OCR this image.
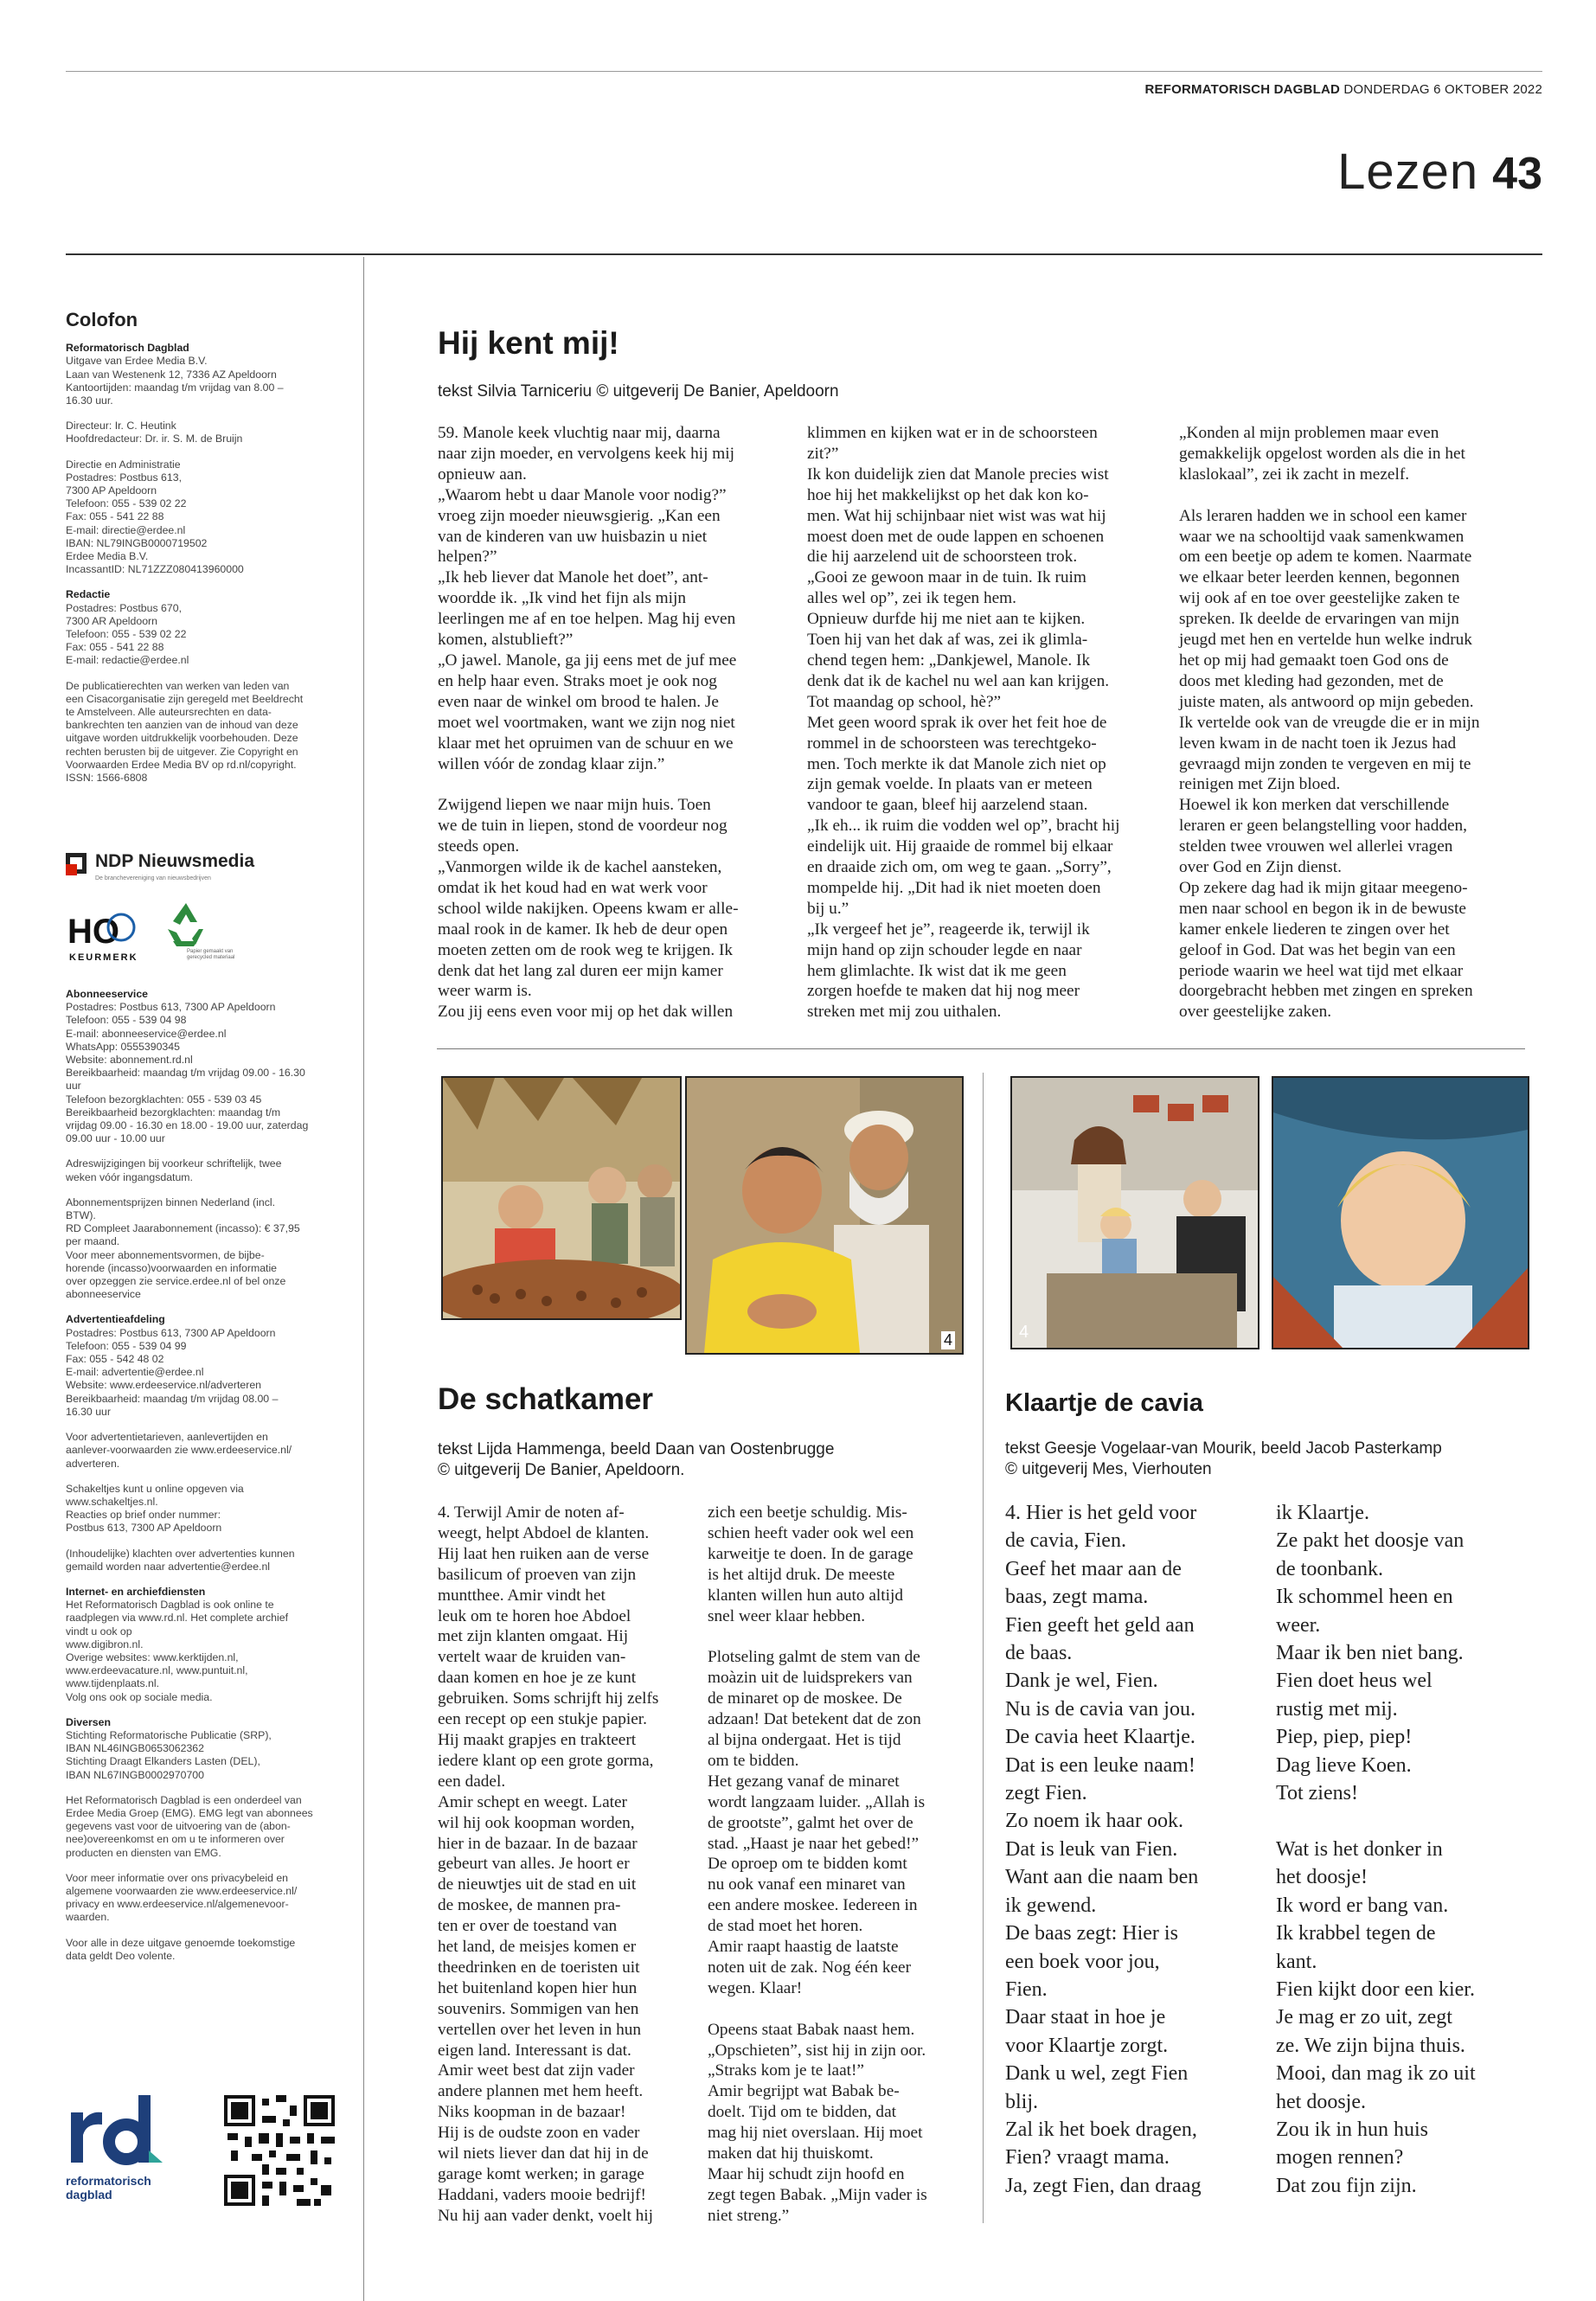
REFORMATORISCH DAGBLAD DONDERDAG 6 OKTOBER 2022
Lezen 43
Colofon
Reformatorisch Dagblad
Uitgave van Erdee Media B.V.
Laan van Westenenk 12, 7336 AZ Apeldoorn
Kantoortijden: maandag t/m vrijdag van 8.00 –
16.30 uur.
Directeur: Ir. C. Heutink
Hoofdredacteur: Dr. ir. S. M. de Bruijn
Directie en Administratie
Postadres: Postbus 613,
7300 AP Apeldoorn
Telefoon: 055 - 539 02 22
Fax: 055 - 541 22 88
E-mail: directie@erdee.nl
IBAN: NL79INGB0000719502
Erdee Media B.V.
IncassantID: NL71ZZZ080413960000
Redactie
Postadres: Postbus 670,
7300 AR Apeldoorn
Telefoon: 055 - 539 02 22
Fax: 055 - 541 22 88
E-mail: redactie@erdee.nl
De publicatierechten van werken van leden van
een Cisacorganisatie zijn geregeld met Beeldrecht
te Amstelveen. Alle auteursrechten en data-
bankrechten ten aanzien van de inhoud van deze
uitgave worden uitdrukkelijk voorbehouden. Deze
rechten berusten bij de uitgever. Zie Copyright en
Voorwaarden Erdee Media BV op rd.nl/copyright.
ISSN: 1566-6808
NDP Nieuwsmedia
De branchevereniging van nieuwsbedrijven
HO
KEURMERK
Papier gemaakt van gerecycled materiaal
Abonneeservice
Postadres: Postbus 613, 7300 AP Apeldoorn
Telefoon: 055 - 539 04 98
E-mail: abonneeservice@erdee.nl
WhatsApp: 0555390345
Website: abonnement.rd.nl
Bereikbaarheid: maandag t/m vrijdag 09.00 - 16.30
uur
Telefoon bezorgklachten: 055 - 539 03 45
Bereikbaarheid bezorgklachten: maandag t/m
vrijdag 09.00 - 16.30 en 18.00 - 19.00 uur, zaterdag
09.00 uur - 10.00 uur
Adreswijzigingen bij voorkeur schriftelijk, twee
weken vóór ingangsdatum.
Abonnementsprijzen binnen Nederland (incl.
BTW).
RD Compleet Jaarabonnement (incasso): € 37,95
per maand.
Voor meer abonnementsvormen, de bijbe-
horende (incasso)voorwaarden en informatie
over opzeggen zie service.erdee.nl of bel onze
abonneeservice
Advertentieafdeling
Postadres: Postbus 613, 7300 AP Apeldoorn
Telefoon: 055 - 539 04 99
Fax: 055 - 542 48 02
E-mail: advertentie@erdee.nl
Website: www.erdeeservice.nl/adverteren
Bereikbaarheid: maandag t/m vrijdag 08.00 –
16.30 uur
Voor advertentietarieven, aanlevertijden en
aanlever-voorwaarden zie www.erdeeservice.nl/
adverteren.
Schakeltjes kunt u online opgeven via
www.schakeltjes.nl.
Reacties op brief onder nummer:
Postbus 613, 7300 AP Apeldoorn
(Inhoudelijke) klachten over advertenties kunnen
gemaild worden naar advertentie@erdee.nl
Internet- en archiefdiensten
Het Reformatorisch Dagblad is ook online te
raadplegen via www.rd.nl. Het complete archief
vindt u ook op
www.digibron.nl.
Overige websites: www.kerktijden.nl,
www.erdeevacature.nl, www.puntuit.nl,
www.tijdenplaats.nl.
Volg ons ook op sociale media.
Diversen
Stichting Reformatorische Publicatie (SRP),
IBAN NL46INGB0653062362
Stichting Draagt Elkanders Lasten (DEL),
IBAN NL67INGB0002970700
Het Reformatorisch Dagblad is een onderdeel van
Erdee Media Groep (EMG). EMG legt van abonnees
gegevens vast voor de uitvoering van de (abon-
nee)overeenkomst en om u te informeren over
producten en diensten van EMG.
Voor meer informatie over ons privacybeleid en
algemene voorwaarden zie www.erdeeservice.nl/
privacy en www.erdeeservice.nl/algemenevoor-
waarden.
Voor alle in deze uitgave genoemde toekomstige
data geldt Deo volente.
reformatorisch
dagblad
Hij kent mij!
tekst Silvia Tarniceriu © uitgeverij De Banier, Apeldoorn
59. Manole keek vluchtig naar mij, daarna
naar zijn moeder, en vervolgens keek hij mij
opnieuw aan.
„Waarom hebt u daar Manole voor nodig?”
vroeg zijn moeder nieuwsgierig. „Kan een
van de kinderen van uw huisbazin u niet
helpen?”
„Ik heb liever dat Manole het doet”, ant-
woordde ik. „Ik vind het fijn als mijn
leerlingen me af en toe helpen. Mag hij even
komen, alstublieft?”
„O jawel. Manole, ga jij eens met de juf mee
en help haar even. Straks moet je ook nog
even naar de winkel om brood te halen. Je
moet wel voortmaken, want we zijn nog niet
klaar met het opruimen van de schuur en we
willen vóór de zondag klaar zijn.”

Zwijgend liepen we naar mijn huis. Toen
we de tuin in liepen, stond de voordeur nog
steeds open.
„Vanmorgen wilde ik de kachel aansteken,
omdat ik het koud had en wat werk voor
school wilde nakijken. Opeens kwam er alle-
maal rook in de kamer. Ik heb de deur open
moeten zetten om de rook weg te krijgen. Ik
denk dat het lang zal duren eer mijn kamer
weer warm is.
Zou jij eens even voor mij op het dak willen
klimmen en kijken wat er in de schoorsteen
zit?”
Ik kon duidelijk zien dat Manole precies wist
hoe hij het makkelijkst op het dak kon ko-
men. Wat hij schijnbaar niet wist was wat hij
moest doen met de oude lappen en schoenen
die hij aarzelend uit de schoorsteen trok.
„Gooi ze gewoon maar in de tuin. Ik ruim
alles wel op”, zei ik tegen hem.
Opnieuw durfde hij me niet aan te kijken.
Toen hij van het dak af was, zei ik glimla-
chend tegen hem: „Dankjewel, Manole. Ik
denk dat ik de kachel nu wel aan kan krijgen.
Tot maandag op school, hè?”
Met geen woord sprak ik over het feit hoe de
rommel in de schoorsteen was terechtgeko-
men. Toch merkte ik dat Manole zich niet op
zijn gemak voelde. In plaats van er meteen
vandoor te gaan, bleef hij aarzelend staan.
„Ik eh... ik ruim die vodden wel op”, bracht hij
eindelijk uit. Hij graaide de rommel bij elkaar
en draaide zich om, om weg te gaan. „Sorry”,
mompelde hij. „Dit had ik niet moeten doen
bij u.”
„Ik vergeef het je”, reageerde ik, terwijl ik
mijn hand op zijn schouder legde en naar
hem glimlachte. Ik wist dat ik me geen
zorgen hoefde te maken dat hij nog meer
streken met mij zou uithalen.
„Konden al mijn problemen maar even
gemakkelijk opgelost worden als die in het
klaslokaal”, zei ik zacht in mezelf.

Als leraren hadden we in school een kamer
waar we na schooltijd vaak samenkwamen
om een beetje op adem te komen. Naarmate
we elkaar beter leerden kennen, begonnen
wij ook af en toe over geestelijke zaken te
spreken. Ik deelde de ervaringen van mijn
jeugd met hen en vertelde hun welke indruk
het op mij had gemaakt toen God ons de
doos met kleding had gezonden, met de
juiste maten, als antwoord op mijn gebeden.
Ik vertelde ook van de vreugde die er in mijn
leven kwam in de nacht toen ik Jezus had
gevraagd mijn zonden te vergeven en mij te
reinigen met Zijn bloed.
Hoewel ik kon merken dat verschillende
leraren er geen belangstelling voor hadden,
stelden twee vrouwen wel allerlei vragen
over God en Zijn dienst.
Op zekere dag had ik mijn gitaar meegeno-
men naar school en begon ik in de bewuste
kamer enkele liederen te zingen over het
geloof in God. Dat was het begin van een
periode waarin we heel wat tijd met elkaar
doorgebracht hebben met zingen en spreken
over geestelijke zaken.
4
De schatkamer
tekst Lijda Hammenga, beeld Daan van Oostenbrugge
© uitgeverij De Banier, Apeldoorn.
4. Terwijl Amir de noten af-
weegt, helpt Abdoel de klanten.
Hij laat hen ruiken aan de verse
basilicum of proeven van zijn
muntthee. Amir vindt het
leuk om te horen hoe Abdoel
met zijn klanten omgaat. Hij
vertelt waar de kruiden van-
daan komen en hoe je ze kunt
gebruiken. Soms schrijft hij zelfs
een recept op een stukje papier.
Hij maakt grapjes en trakteert
iedere klant op een grote gorma,
een dadel.
Amir schept en weegt. Later
wil hij ook koopman worden,
hier in de bazaar. In de bazaar
gebeurt van alles. Je hoort er
de nieuwtjes uit de stad en uit
de moskee, de mannen pra-
ten er over de toestand van
het land, de meisjes komen er
theedrinken en de toeristen uit
het buitenland kopen hier hun
souvenirs. Sommigen van hen
vertellen over het leven in hun
eigen land. Interessant is dat.
Amir weet best dat zijn vader
andere plannen met hem heeft.
Niks koopman in de bazaar!
Hij is de oudste zoon en vader
wil niets liever dan dat hij in de
garage komt werken; in garage
Haddani, vaders mooie bedrijf!
Nu hij aan vader denkt, voelt hij
zich een beetje schuldig. Mis-
schien heeft vader ook wel een
karweitje te doen. In de garage
is het altijd druk. De meeste
klanten willen hun auto altijd
snel weer klaar hebben.

Plotseling galmt de stem van de
moàzin uit de luidsprekers van
de minaret op de moskee. De
adzaan! Dat betekent dat de zon
al bijna ondergaat. Het is tijd
om te bidden.
Het gezang vanaf de minaret
wordt langzaam luider. „Allah is
de grootste”, galmt het over de
stad. „Haast je naar het gebed!”
De oproep om te bidden komt
nu ook vanaf een minaret van
een andere moskee. Iedereen in
de stad moet het horen.
Amir raapt haastig de laatste
noten uit de zak. Nog één keer
wegen. Klaar!

Opeens staat Babak naast hem.
„Opschieten”, sist hij in zijn oor.
„Straks kom je te laat!”
Amir begrijpt wat Babak be-
doelt. Tijd om te bidden, dat
mag hij niet overslaan. Hij moet
maken dat hij thuiskomt.
Maar hij schudt zijn hoofd en
zegt tegen Babak. „Mijn vader is
niet streng.”
4
Klaartje de cavia
tekst Geesje Vogelaar-van Mourik, beeld Jacob Pasterkamp
© uitgeverij Mes, Vierhouten
4. Hier is het geld voor
de cavia, Fien.
Geef het maar aan de
baas, zegt mama.
Fien geeft het geld aan
de baas.
Dank je wel, Fien.
Nu is de cavia van jou.
De cavia heet Klaartje.
Dat is een leuke naam!
zegt Fien.
Zo noem ik haar ook.
Dat is leuk van Fien.
Want aan die naam ben
ik gewend.
De baas zegt: Hier is
een boek voor jou,
Fien.
Daar staat in hoe je
voor Klaartje zorgt.
Dank u wel, zegt Fien
blij.
Zal ik het boek dragen,
Fien? vraagt mama.
Ja, zegt Fien, dan draag
ik Klaartje.
Ze pakt het doosje van
de toonbank.
Ik schommel heen en
weer.
Maar ik ben niet bang.
Fien doet heus wel
rustig met mij.
Piep, piep, piep!
Dag lieve Koen.
Tot ziens!

Wat is het donker in
het doosje!
Ik word er bang van.
Ik krabbel tegen de
kant.
Fien kijkt door een kier.
Je mag er zo uit, zegt
ze. We zijn bijna thuis.
Mooi, dan mag ik zo uit
het doosje.
Zou ik in hun huis
mogen rennen?
Dat zou fijn zijn.
